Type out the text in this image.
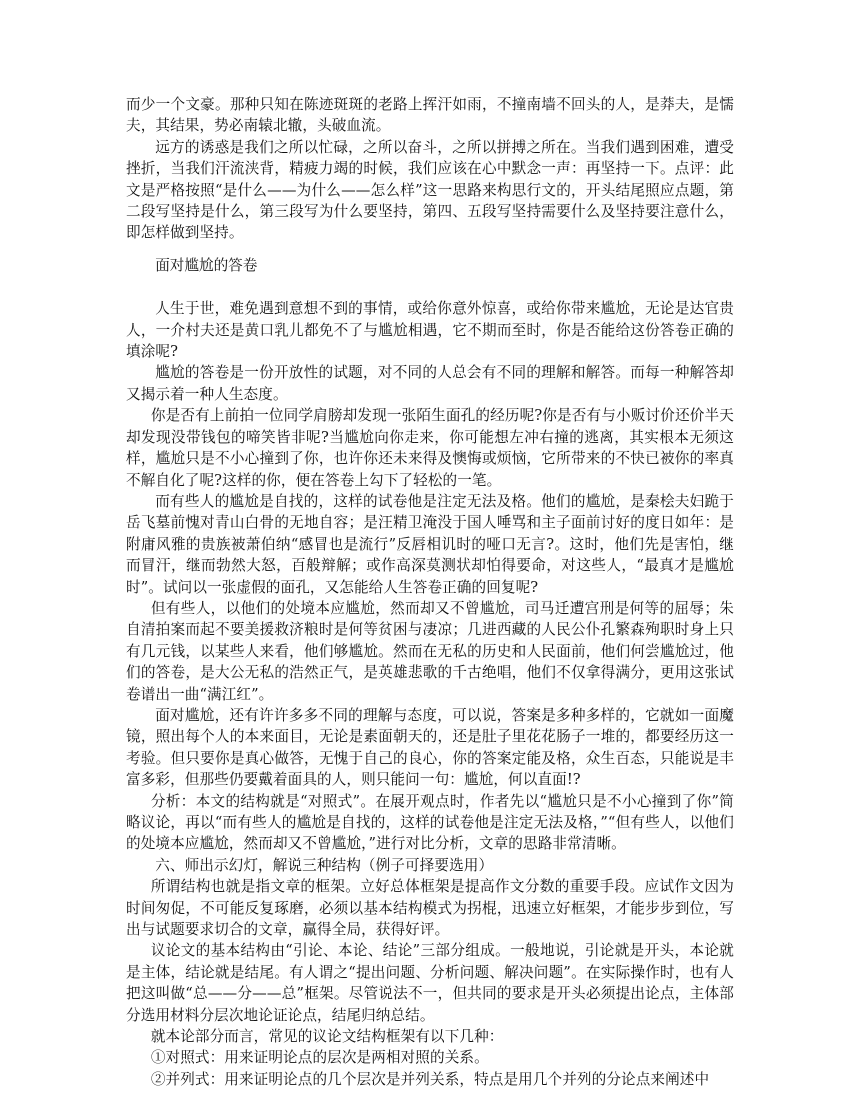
而少一个文豪。那种只知在陈迹斑斑的老路上挥汗如雨，不撞南墙不回头的人，是莽夫，是懦夫，其结果，势必南辕北辙，头破血流。

远方的诱惑是我们之所以忙碌，之所以奋斗，之所以拼搏之所在。当我们遇到困难，遭受挫折，当我们汗流浃背，精疲力竭的时候，我们应该在心中默念一声：再坚持一下。点评：此文是严格按照“是什么——为什么——怎么样”这一思路来构思行文的，开头结尾照应点题，第二段写坚持是什么，第三段写为什么要坚持，第四、五段写坚持需要什么及坚持要注意什么，即怎样做到坚持。

面对尴尬的答卷

人生于世，难免遇到意想不到的事情，或给你意外惊喜，或给你带来尴尬，无论是达官贵人，一介村夫还是黄口乳儿都免不了与尴尬相遇，它不期而至时，你是否能给这份答卷正确的填涂呢?

尴尬的答卷是一份开放性的试题，对不同的人总会有不同的理解和解答。而每一种解答却又揭示着一种人生态度。

你是否有上前拍一位同学肩膀却发现一张陌生面孔的经历呢?你是否有与小贩讨价还价半天却发现没带钱包的啼笑皆非呢?当尴尬向你走来，你可能想左冲右撞的逃离，其实根本无须这样，尴尬只是不小心撞到了你，也许你还未来得及懊悔或烦恼，它所带来的不快已被你的率真不解自化了呢?这样的你，便在答卷上勾下了轻松的一笔。

而有些人的尴尬是自找的，这样的试卷他是注定无法及格。他们的尴尬，是秦桧夫妇跪于岳飞墓前愧对青山白骨的无地自容；是汪精卫淹没于国人唾骂和主子面前讨好的度日如年：是附庸风雅的贵族被萧伯纳“感冒也是流行”反唇相讥时的哑口无言?。这时，他们先是害怕，继而冒汗，继而勃然大怒，百般辩解；或作高深莫测状却怕得要命，对这些人，“最真才是尴尬时”。试问以一张虚假的面孔，又怎能给人生答卷正确的回复呢?

但有些人，以他们的处境本应尴尬，然而却又不曾尴尬，司马迁遭宫刑是何等的屈辱；朱自清拍案而起不要美援救济粮时是何等贫困与凄凉；几进西藏的人民公仆孔繁森殉职时身上只有几元钱，以某些人来看，他们够尴尬。然而在无私的历史和人民面前，他们何尝尴尬过，他们的答卷，是大公无私的浩然正气，是英雄悲歌的千古绝唱，他们不仅拿得满分，更用这张试卷谱出一曲“满江红”。

面对尴尬，还有许许多多不同的理解与态度，可以说，答案是多种多样的，它就如一面魔镜，照出每个人的本来面目，无论是素面朝天的，还是肚子里花花肠子一堆的，都要经历这一考验。但只要你是真心做答，无愧于自己的良心，你的答案定能及格，众生百态，只能说是丰富多彩，但那些仍要戴着面具的人，则只能问一句：尴尬，何以直面!?

分析：本文的结构就是“对照式”。在展开观点时，作者先以“尴尬只是不小心撞到了你”简略议论，再以“而有些人的尴尬是自找的，这样的试卷他是注定无法及格，”“但有些人，以他们的处境本应尴尬，然而却又不曾尴尬，”进行对比分析，文章的思路非常清晰。

六、师出示幻灯，解说三种结构（例子可择要选用）

所谓结构也就是指文章的框架。立好总体框架是提高作文分数的重要手段。应试作文因为时间匆促，不可能反复琢磨，必须以基本结构模式为拐棍，迅速立好框架，才能步步到位，写出与试题要求切合的文章，赢得全局，获得好评。

议论文的基本结构由“引论、本论、结论”三部分组成。一般地说，引论就是开头，本论就是主体，结论就是结尾。有人谓之“提出问题、分析问题、解决问题”。在实际操作时，也有人把这叫做“总——分——总”框架。尽管说法不一，但共同的要求是开头必须提出论点，主体部分选用材料分层次地论证论点，结尾归纳总结。

就本论部分而言，常见的议论文结构框架有以下几种：

①对照式：用来证明论点的层次是两相对照的关系。

②并列式：用来证明论点的几个层次是并列关系，特点是用几个并列的分论点来阐述中
